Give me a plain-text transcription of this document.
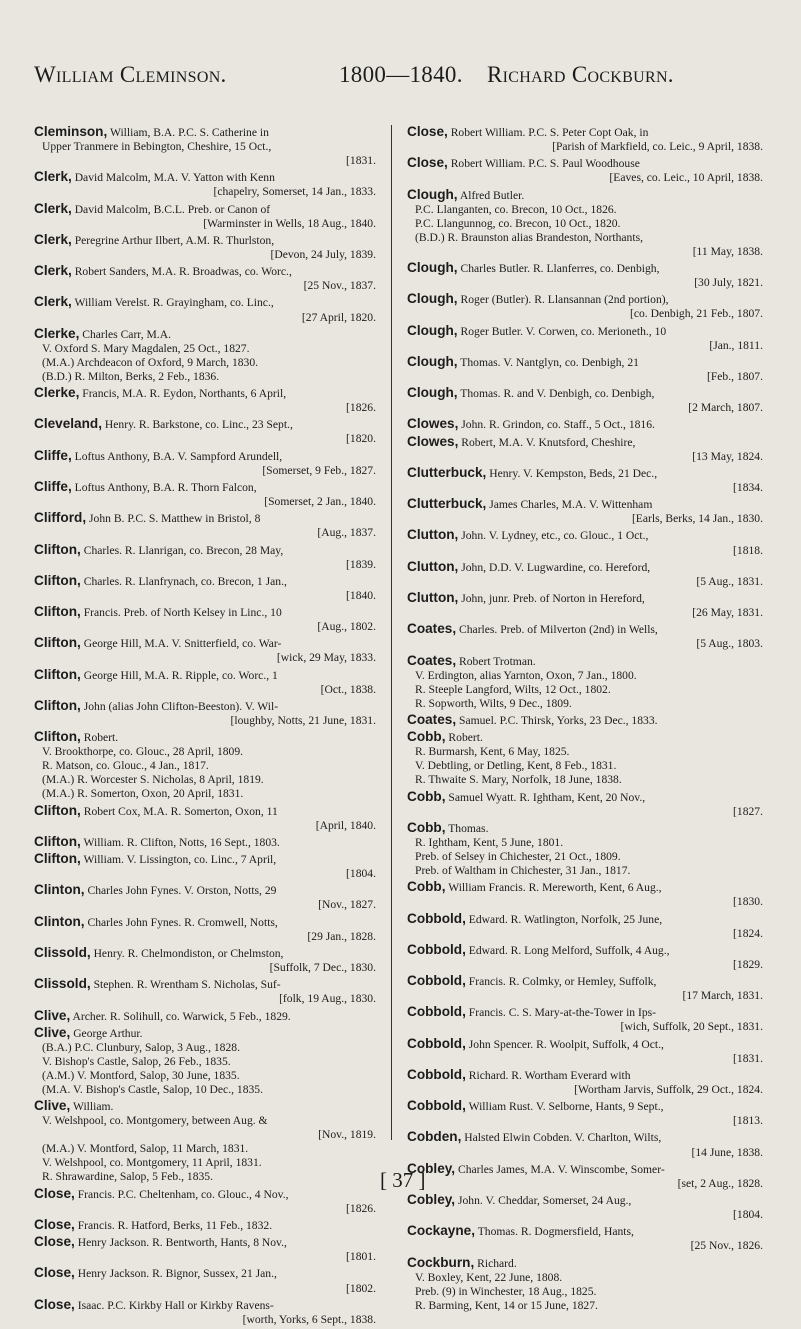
William Cleminson.	1800—1840. Richard Cockburn.
Cleminson, William, B.A. P.C. S. Catherine in
Upper Tranmere in Bebington, Cheshire, 15 Oct.,
[1831.
Clerk, David Malcolm, M.A. V. Yatton with Kenn
[chapelry, Somerset, 14 Jan., 1833.
Clerk, David Malcolm, B.C.L. Preb. or Canon of
[Warminster in Wells, 18 Aug., 1840.
Clerk, Peregrine Arthur Ilbert, A.M. R. Thurlston,
[Devon, 24 July, 1839.
Clerk, Robert Sanders, M.A. R. Broadwas, co. Worc.,
[25 Nov., 1837.
Clerk, William Verelst. R. Grayingham, co. Linc.,
[27 April, 1820.
Clerke, Charles Carr, M.A.
V. Oxford S. Mary Magdalen, 25 Oct., 1827.
(M.A.) Archdeacon of Oxford, 9 March, 1830.
(B.D.) R. Milton, Berks, 2 Feb., 1836.
Clerke, Francis, M.A. R. Eydon, Northants, 6 April,
[1826.
Cleveland, Henry. R. Barkstone, co. Linc., 23 Sept.,
[1820.
Cliffe, Loftus Anthony, B.A. V. Sampford Arundell,
[Somerset, 9 Feb., 1827.
Cliffe, Loftus Anthony, B.A. R. Thorn Falcon,
[Somerset, 2 Jan., 1840.
Clifford, John B. P.C. S. Matthew in Bristol, 8
[Aug., 1837.
Clifton, Charles. R. Llanrigan, co. Brecon, 28 May,
[1839.
Clifton, Charles. R. Llanfrynach, co. Brecon, 1 Jan.,
[1840.
Clifton, Francis. Preb. of North Kelsey in Linc., 10
[Aug., 1802.
Clifton, George Hill, M.A. V. Snitterfield, co. War-
[wick, 29 May, 1833.
Clifton, George Hill, M.A. R. Ripple, co. Worc., 1
[Oct., 1838.
Clifton, John (alias John Clifton-Beeston). V. Wil-
[loughby, Notts, 21 June, 1831.
Clifton, Robert.
V. Brookthorpe, co. Glouc., 28 April, 1809.
R. Matson, co. Glouc., 4 Jan., 1817.
(M.A.) R. Worcester S. Nicholas, 8 April, 1819.
(M.A.) R. Somerton, Oxon, 20 April, 1831.
Clifton, Robert Cox, M.A. R. Somerton, Oxon, 11
[April, 1840.
Clifton, William. R. Clifton, Notts, 16 Sept., 1803.
Clifton, William. V. Lissington, co. Linc., 7 April,
[1804.
Clinton, Charles John Fynes. V. Orston, Notts, 29
[Nov., 1827.
Clinton, Charles John Fynes. R. Cromwell, Notts,
[29 Jan., 1828.
Clissold, Henry. R. Chelmondiston, or Chelmston,
[Suffolk, 7 Dec., 1830.
Clissold, Stephen. R. Wrentham S. Nicholas, Suf-
[folk, 19 Aug., 1830.
Clive, Archer. R. Solihull, co. Warwick, 5 Feb., 1829.
Clive, George Arthur.
(B.A.) P.C. Clunbury, Salop, 3 Aug., 1828.
V. Bishop's Castle, Salop, 26 Feb., 1835.
(A.M.) V. Montford, Salop, 30 June, 1835.
(M.A. V. Bishop's Castle, Salop, 10 Dec., 1835.
Clive, William.
V. Welshpool, co. Montgomery, between Aug. &
[Nov., 1819.
(M.A.) V. Montford, Salop, 11 March, 1831.
V. Welshpool, co. Montgomery, 11 April, 1831.
R. Shrawardine, Salop, 5 Feb., 1835.
Close, Francis. P.C. Cheltenham, co. Glouc., 4 Nov.,
[1826.
Close, Francis. R. Hatford, Berks, 11 Feb., 1832.
Close, Henry Jackson. R. Bentworth, Hants, 8 Nov.,
[1801.
Close, Henry Jackson. R. Bignor, Sussex, 21 Jan.,
[1802.
Close, Isaac. P.C. Kirkby Hall or Kirkby Ravens-
[worth, Yorks, 6 Sept., 1838.
Close, Robert William. P.C. S. Peter Copt Oak, in
[Parish of Markfield, co. Leic., 9 April, 1838.
Close, Robert William. P.C. S. Paul Woodhouse
[Eaves, co. Leic., 10 April, 1838.
Clough, Alfred Butler.
P.C. Llanganten, co. Brecon, 10 Oct., 1826.
P.C. Llangunnog, co. Brecon, 10 Oct., 1820.
(B.D.) R. Braunston alias Brandeston, Northants,
[11 May, 1838.
Clough, Charles Butler. R. Llanferres, co. Denbigh,
[30 July, 1821.
Clough, Roger (Butler). R. Llansannan (2nd portion),
[co. Denbigh, 21 Feb., 1807.
Clough, Roger Butler. V. Corwen, co. Merioneth., 10
[Jan., 1811.
Clough, Thomas. V. Nantglyn, co. Denbigh, 21
[Feb., 1807.
Clough, Thomas. R. and V. Denbigh, co. Denbigh,
[2 March, 1807.
Clowes, John. R. Grindon, co. Staff., 5 Oct., 1816.
Clowes, Robert, M.A. V. Knutsford, Cheshire,
[13 May, 1824.
Clutterbuck, Henry. V. Kempston, Beds, 21 Dec.,
[1834.
Clutterbuck, James Charles, M.A. V. Wittenham
[Earls, Berks, 14 Jan., 1830.
Clutton, John. V. Lydney, etc., co. Glouc., 1 Oct.,
[1818.
Clutton, John, D.D. V. Lugwardine, co. Hereford,
[5 Aug., 1831.
Clutton, John, junr. Preb. of Norton in Hereford,
[26 May, 1831.
Coates, Charles. Preb. of Milverton (2nd) in Wells,
[5 Aug., 1803.
Coates, Robert Trotman.
V. Erdington, alias Yarnton, Oxon, 7 Jan., 1800.
R. Steeple Langford, Wilts, 12 Oct., 1802.
R. Sopworth, Wilts, 9 Dec., 1809.
Coates, Samuel. P.C. Thirsk, Yorks, 23 Dec., 1833.
Cobb, Robert.
R. Burmarsh, Kent, 6 May, 1825.
V. Debtling, or Detling, Kent, 8 Feb., 1831.
R. Thwaite S. Mary, Norfolk, 18 June, 1838.
Cobb, Samuel Wyatt. R. Ightham, Kent, 20 Nov.,
[1827.
Cobb, Thomas.
R. Ightham, Kent, 5 June, 1801.
Preb. of Selsey in Chichester, 21 Oct., 1809.
Preb. of Waltham in Chichester, 31 Jan., 1817.
Cobb, William Francis. R. Mereworth, Kent, 6 Aug.,
[1830.
Cobbold, Edward. R. Watlington, Norfolk, 25 June,
[1824.
Cobbold, Edward. R. Long Melford, Suffolk, 4 Aug.,
[1829.
Cobbold, Francis. R. Colmky, or Hemley, Suffolk,
[17 March, 1831.
Cobbold, Francis. C. S. Mary-at-the-Tower in Ips-
[wich, Suffolk, 20 Sept., 1831.
Cobbold, John Spencer. R. Woolpit, Suffolk, 4 Oct.,
[1831.
Cobbold, Richard. R. Wortham Everard with
[Wortham Jarvis, Suffolk, 29 Oct., 1824.
Cobbold, William Rust. V. Selborne, Hants, 9 Sept.,
[1813.
Cobden, Halsted Elwin Cobden. V. Charlton, Wilts,
[14 June, 1838.
Cobley, Charles James, M.A. V. Winscombe, Somer-
[set, 2 Aug., 1828.
Cobley, John. V. Cheddar, Somerset, 24 Aug.,
[1804.
Cockayne, Thomas. R. Dogmersfield, Hants,
[25 Nov., 1826.
Cockburn, Richard.
V. Boxley, Kent, 22 June, 1808.
Preb. (9) in Winchester, 18 Aug., 1825.
R. Barming, Kent, 14 or 15 June, 1827.
[ 37 ]
